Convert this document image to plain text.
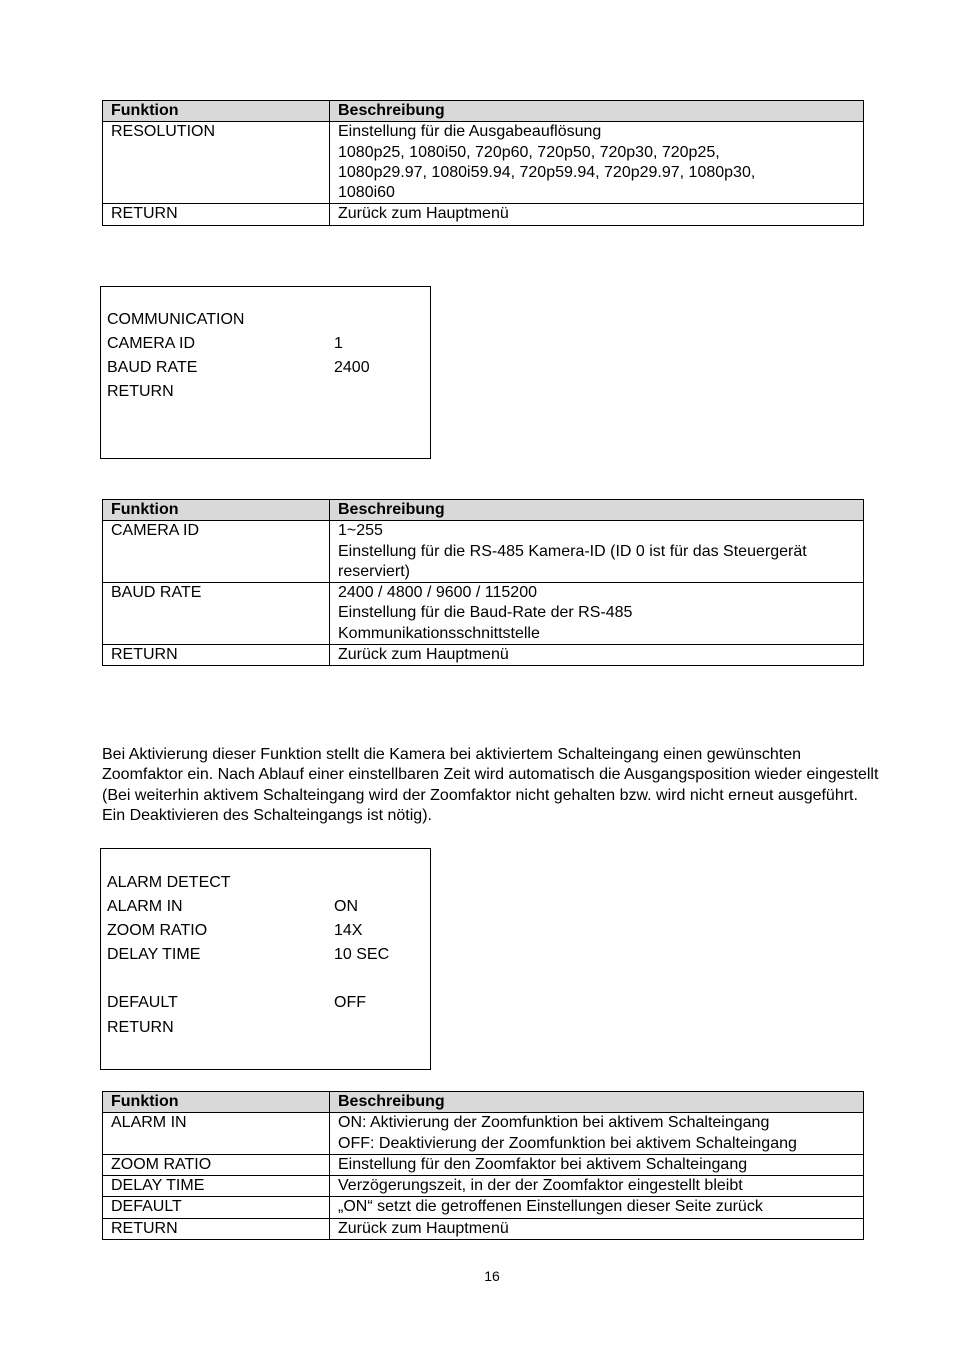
Funktion	Beschreibung
RESOLUTION	Einstellung für die Ausgabeauflösung
1080p25, 1080i50, 720p60, 720p50, 720p30, 720p25,
1080p29.97, 1080i59.94, 720p59.94, 720p29.97, 1080p30,
1080i60
RETURN	Zurück zum Hauptmenü
COMMUNICATION
CAMERA ID	1
BAUD RATE	2400
RETURN
Funktion	Beschreibung
CAMERA ID	1~255
Einstellung für die RS-485 Kamera-ID (ID 0 ist für das Steuergerät
reserviert)
BAUD RATE	2400 / 4800 / 9600 / 115200
Einstellung für die Baud-Rate der RS-485
Kommunikationsschnittstelle
RETURN	Zurück zum Hauptmenü

Bei Aktivierung dieser Funktion stellt die Kamera bei aktiviertem Schalteingang einen gewünschten Zoomfaktor ein. Nach Ablauf einer einstellbaren Zeit wird automatisch die Ausgangsposition wieder eingestellt (Bei weiterhin aktivem Schalteingang wird der Zoomfaktor nicht gehalten bzw. wird nicht erneut ausgeführt. Ein Deaktivieren des Schalteingangs ist nötig).

ALARM DETECT
ALARM IN	ON
ZOOM RATIO	14X
DELAY TIME	10 SEC
DEFAULT	OFF
RETURN
Funktion	Beschreibung
ALARM IN	ON: Aktivierung der Zoomfunktion bei aktivem Schalteingang
OFF: Deaktivierung der Zoomfunktion bei aktivem Schalteingang
ZOOM RATIO	Einstellung für den Zoomfaktor bei aktivem Schalteingang
DELAY TIME	Verzögerungszeit, in der der Zoomfaktor eingestellt bleibt
DEFAULT	„ON“ setzt die getroffenen Einstellungen dieser Seite zurück
RETURN	Zurück zum Hauptmenü
16
